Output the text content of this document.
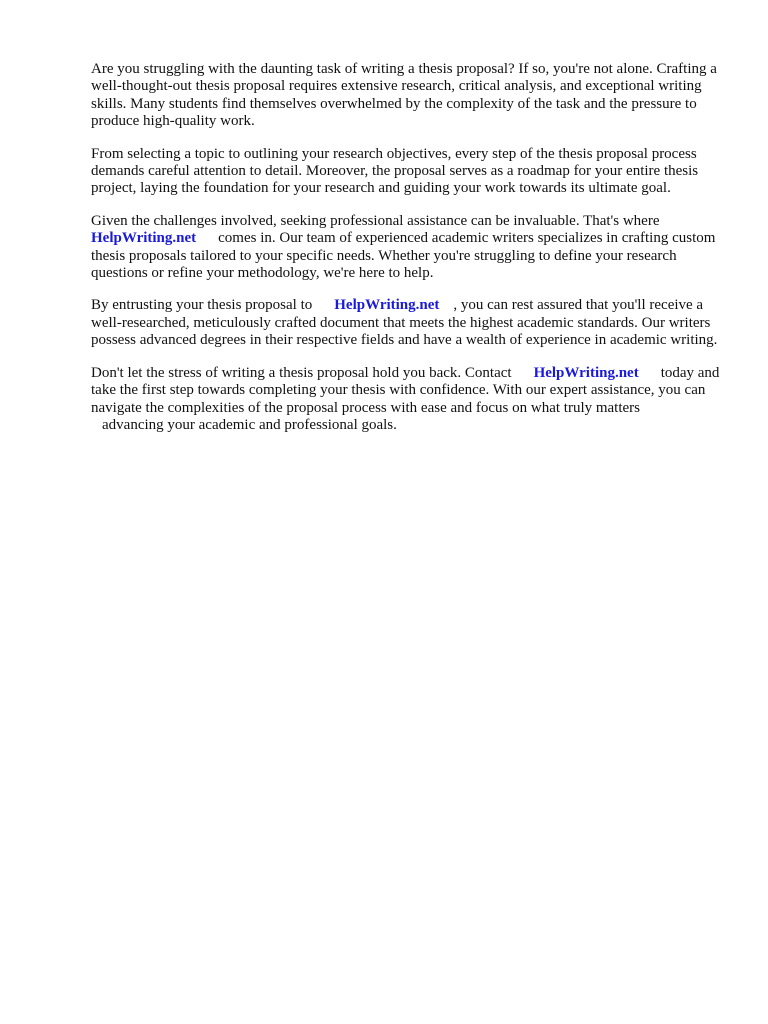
Are you struggling with the daunting task of writing a thesis proposal? If so, you're not alone. Crafting a well-thought-out thesis proposal requires extensive research, critical analysis, and exceptional writing skills. Many students find themselves overwhelmed by the complexity of the task and the pressure to produce high-quality work.

From selecting a topic to outlining your research objectives, every step of the thesis proposal process demands careful attention to detail. Moreover, the proposal serves as a roadmap for your entire thesis project, laying the foundation for your research and guiding your work towards its ultimate goal.

Given the challenges involved, seeking professional assistance can be invaluable. That's where
HelpWriting.net comes in. Our team of experienced academic writers specializes in crafting custom thesis proposals tailored to your specific needs. Whether you're struggling to define your research questions or refine your methodology, we're here to help.

By entrusting your thesis proposal to HelpWriting.net , you can rest assured that you'll receive a well-researched, meticulously crafted document that meets the highest academic standards. Our writers possess advanced degrees in their respective fields and have a wealth of experience in academic writing.

Don't let the stress of writing a thesis proposal hold you back. Contact HelpWriting.net today and take the first step towards completing your thesis with confidence. With our expert assistance, you can navigate the complexities of the proposal process with ease and focus on what truly matters
advancing your academic and professional goals.
